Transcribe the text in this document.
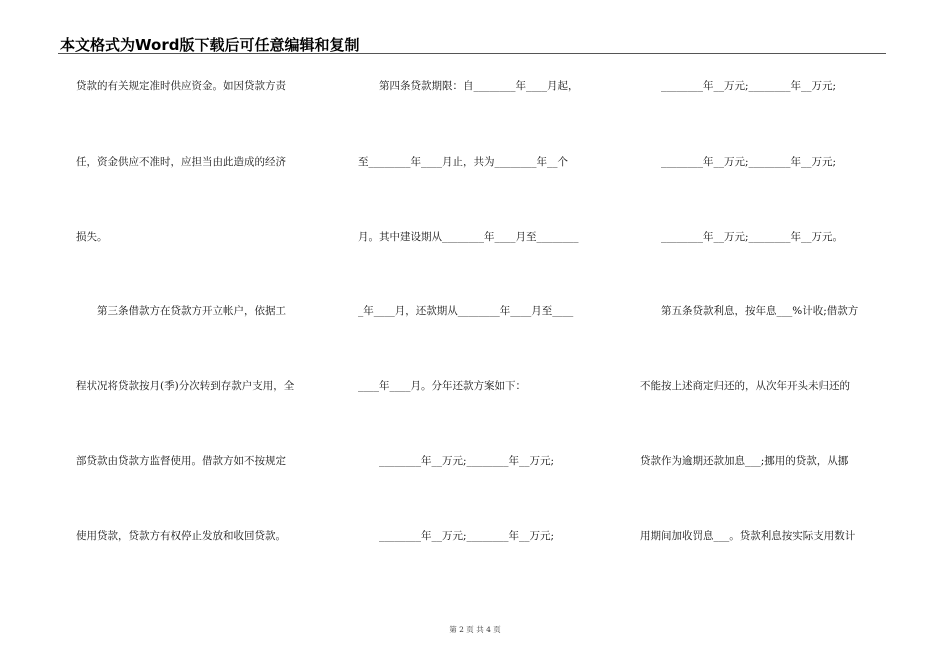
本文格式为Word版下载后可任意编辑和复制
贷款的有关规定准时供应资金。如因贷款方责
任，资金供应不准时，应担当由此造成的经济
损失。
　　第三条借款方在贷款方开立帐户，依据工
程状况将贷款按月(季)分次转到存款户支用，全
部贷款由贷款方监督使用。借款方如不按规定
使用贷款，贷款方有权停止发放和收回贷款。
　　第四条贷款期限：自________年____月起，
至________年____月止，共为________年__个
月。其中建设期从________年____月至________
_年____月，还款期从________年____月至____
____年____月。分年还款方案如下：
　　________年__万元;________年__万元;
　　________年__万元;________年__万元;
　　________年__万元;________年__万元;
　　________年__万元;________年__万元;
　　________年__万元;________年__万元。
　　第五条贷款利息，按年息___%计收;借款方
不能按上述商定归还的，从次年开头未归还的
贷款作为逾期还款加息___;挪用的贷款，从挪
用期间加收罚息___。贷款利息按实际支用数计
第 2 页 共 4 页
